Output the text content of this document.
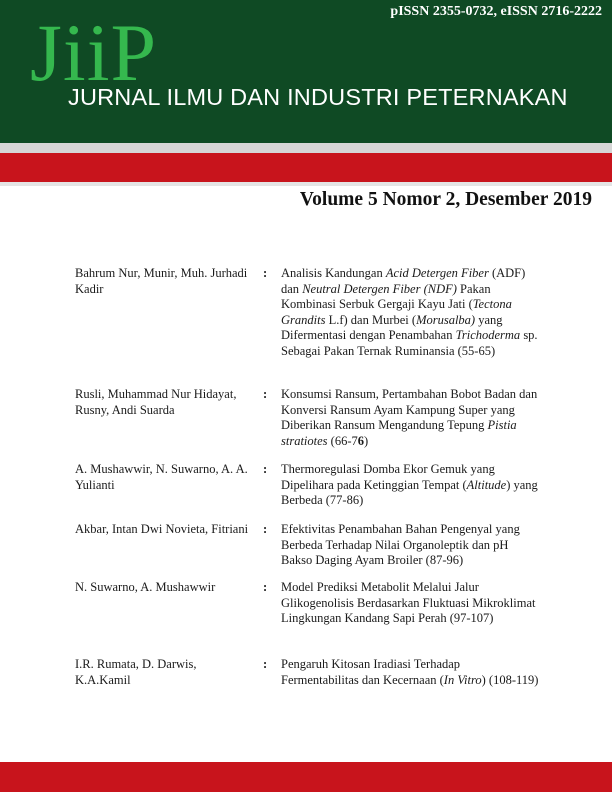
JiiP	pISSN 2355-0732, eISSN 2716-2222
JURNAL ILMU DAN INDUSTRI PETERNAKAN
Volume 5 Nomor 2, Desember 2019
Bahrum Nur, Munir, Muh. Jurhadi Kadir
: Analisis Kandungan Acid Detergen Fiber (ADF) dan Neutral Detergen Fiber (NDF) Pakan Kombinasi Serbuk Gergaji Kayu Jati (Tectona Grandits L.f) dan Murbei (Morusalba) yang Difermentasi dengan Penambahan Trichoderma sp. Sebagai Pakan Ternak Ruminansia (55-65)
Rusli, Muhammad Nur Hidayat, Rusny, Andi Suarda
: Konsumsi Ransum, Pertambahan Bobot Badan dan Konversi Ransum Ayam Kampung Super yang Diberikan Ransum Mengandung Tepung Pistia stratiotes (66-76)
A. Mushawwir, N. Suwarno, A. A. Yulianti
: Thermoregulasi Domba Ekor Gemuk yang Dipelihara pada Ketinggian Tempat (Altitude) yang Berbeda (77-86)
Akbar, Intan Dwi Novieta, Fitriani	: Efektivitas Penambahan Bahan Pengenyal yang Berbeda Terhadap Nilai Organoleptik dan pH Bakso Daging Ayam Broiler (87-96)
N. Suwarno, A. Mushawwir	: Model Prediksi Metabolit Melalui Jalur Glikogenolisis Berdasarkan Fluktuasi Mikroklimat Lingkungan Kandang Sapi Perah (97-107)
I.R. Rumata, D. Darwis, K.A.Kamil
: Pengaruh Kitosan Iradiasi Terhadap Fermentabilitas dan Kecernaan (In Vitro) (108-119)
